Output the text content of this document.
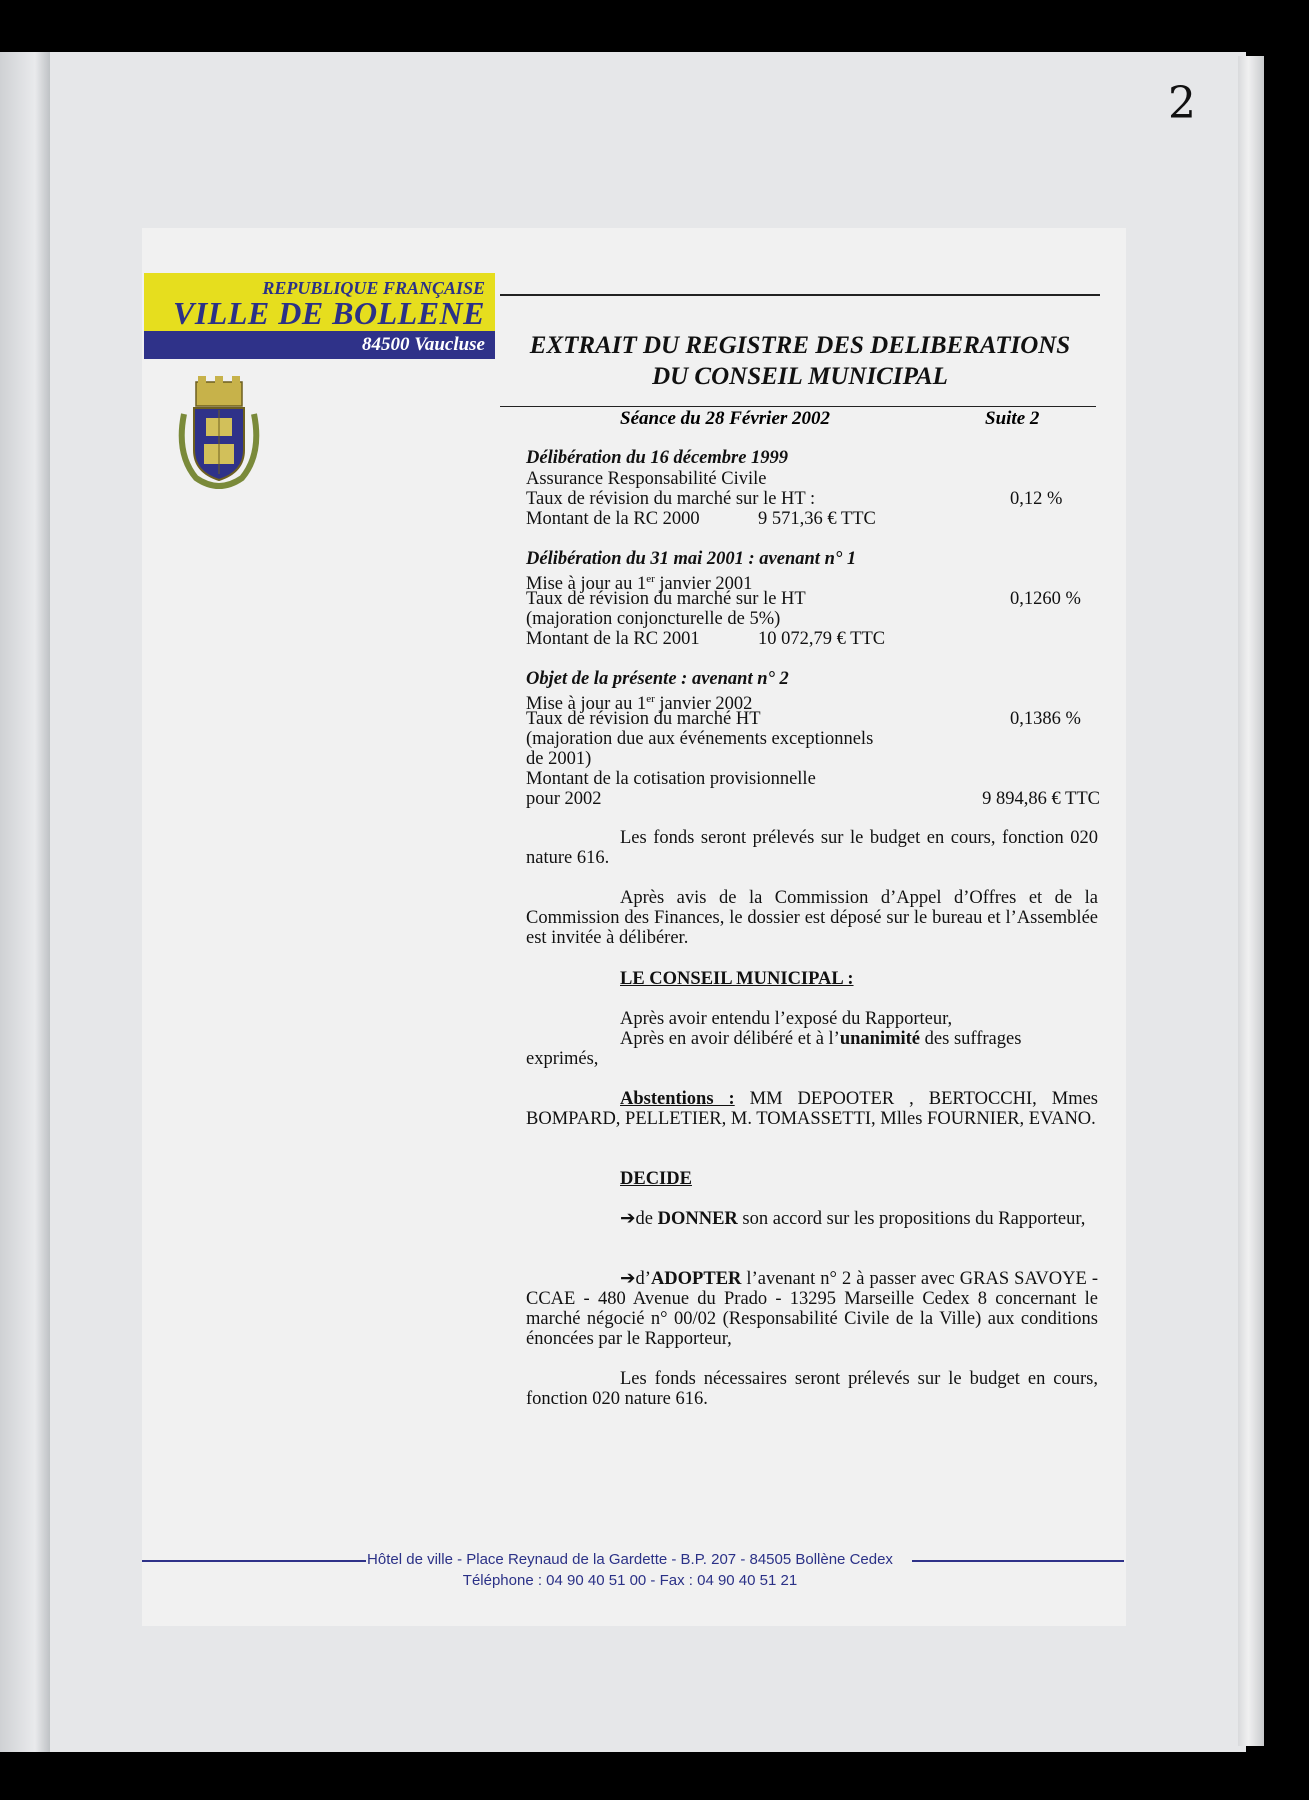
2
REPUBLIQUE FRANÇAISE
VILLE DE BOLLENE
84500 Vaucluse	EXTRAIT DU REGISTRE DES DELIBERATIONS
DU CONSEIL MUNICIPAL
Séance du 28 Février 2002	Suite 2
Délibération du 16 décembre 1999
Assurance Responsabilité Civile
Taux de révision du marché sur le HT :	0,12 %
Montant de la RC 2000	9 571,36 € TTC
Délibération du 31 mai 2001 : avenant n° 1
Mise à jour au 1er janvier 2001
Taux de révision du marché sur le HT	0,1260 %
(majoration conjoncturelle de 5%)
Montant de la RC 2001	10 072,79 € TTC
Objet de la présente : avenant n° 2
Mise à jour au 1er janvier 2002
Taux de révision du marché HT	0,1386 %
(majoration due aux événements exceptionnels
de 2001)
Montant de la cotisation provisionnelle
pour 2002	9 894,86 € TTC
Les fonds seront prélevés sur le budget en cours, fonction 020 nature 616.
Après avis de la Commission d’Appel d’Offres et de la Commission des Finances, le dossier est déposé sur le bureau et l’Assemblée est invitée à délibérer.
LE CONSEIL MUNICIPAL :
Après avoir entendu l’exposé du Rapporteur,
Après en avoir délibéré et à l’unanimité des suffrages
exprimés,
Abstentions : MM DEPOOTER , BERTOCCHI, Mmes BOMPARD, PELLETIER, M. TOMASSETTI, Mlles FOURNIER, EVANO.
DECIDE
➔de DONNER son accord sur les propositions du Rapporteur,
➔d’ADOPTER l’avenant n° 2 à passer avec GRAS SAVOYE - CCAE - 480 Avenue du Prado - 13295 Marseille Cedex 8 concernant le marché négocié n° 00/02 (Responsabilité Civile de la Ville) aux conditions énoncées par le Rapporteur,
Les fonds nécessaires seront prélevés sur le budget en cours, fonction 020 nature 616.
Hôtel de ville - Place Reynaud de la Gardette - B.P. 207 - 84505 Bollène Cedex
Téléphone : 04 90 40 51 00 - Fax : 04 90 40 51 21
